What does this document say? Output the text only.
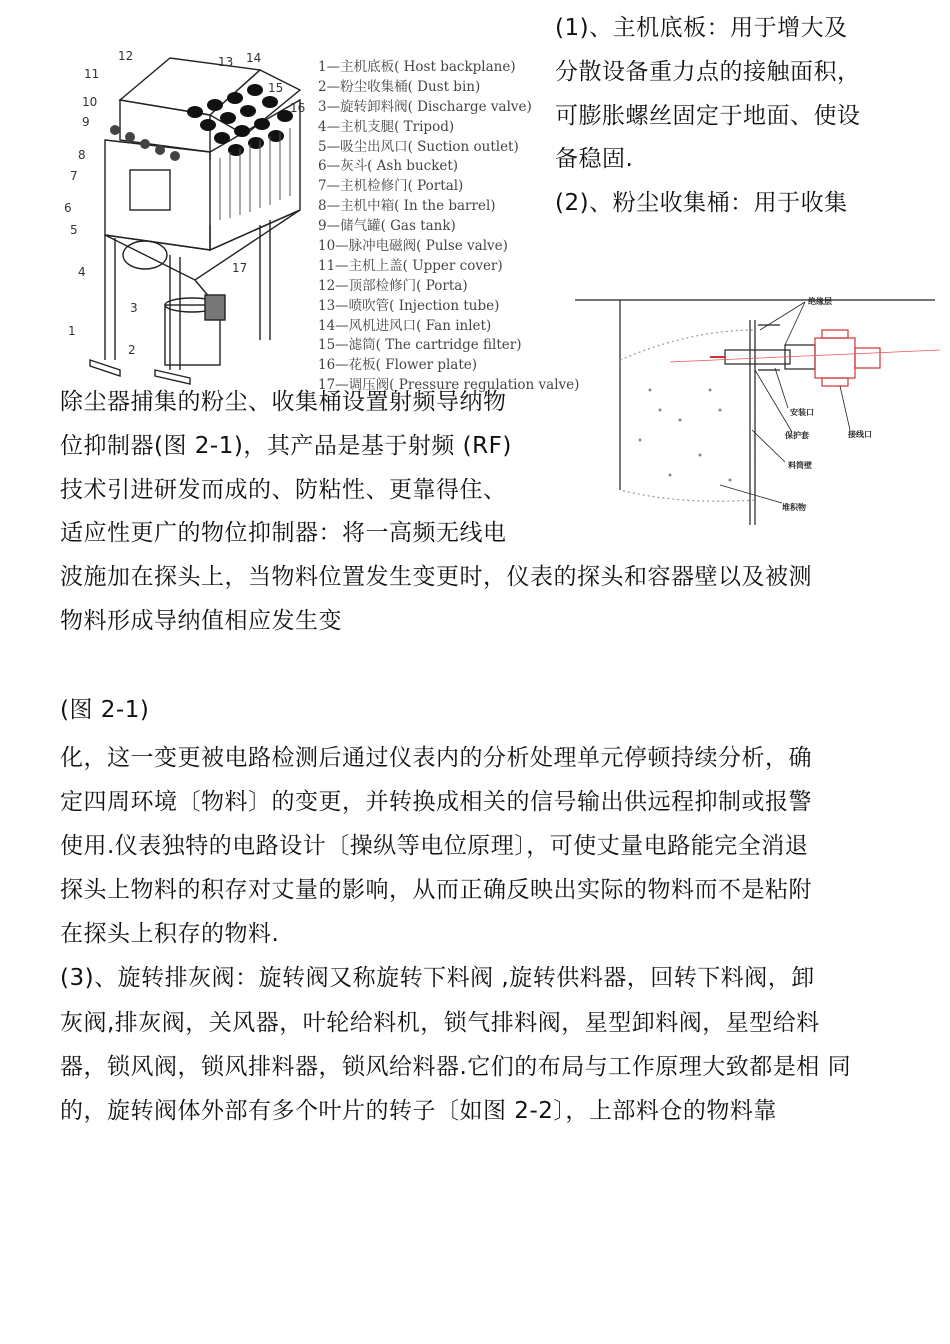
(1)、主机底板：用于增大及
分散设备重力点的接触面积，
可膨胀螺丝固定于地面、使设
备稳固.
(2)、粉尘收集桶：用于收集
1
2
3
4
5
6
7
8
9
10
11
12	13 14
15
16
17
1—主机底板( Host backplane)
2—粉尘收集桶( Dust bin)
3—旋转卸料阀( Discharge valve)
4—主机支腿( Tripod)
5—吸尘出风口( Suction outlet)
6—灰斗( Ash bucket)
7—主机检修门( Portal)
8—主机中箱( In the barrel)
9—储气罐( Gas tank)
10—脉冲电磁阀( Pulse valve)
11—主机上盖( Upper cover)
12—顶部检修门( Porta)
13—喷吹管( Injection tube)
14—风机进风口( Fan inlet)
15—滤筒( The cartridge filter)
16—花板( Flower plate)
17—调压阀( Pressure regulation valve)
绝缘层
安装口
保护套	接线口
料筒壁
堆积物
除尘器捕集的粉尘、收集桶设置射频导纳物
位抑制器(图 2-1)，其产品是基于射频 (RF)
技术引进研发而成的、防粘性、更靠得住、
适应性更广的物位抑制器：将一高频无线电
波施加在探头上，当物料位置发生变更时，仪表的探头和容器壁以及被测
物料形成导纳值相应发生变
(图 2-1)
化，这一变更被电路检测后通过仪表内的分析处理单元停顿持续分析，确
定四周环境〔物料〕的变更，并转换成相关的信号输出供远程抑制或报警
使用.仪表独特的电路设计〔操纵等电位原理〕，可使丈量电路能完全消退
探头上物料的积存对丈量的影响，从而正确反映出实际的物料而不是粘附
在探头上积存的物料.
(3)、旋转排灰阀：旋转阀又称旋转下料阀 ,旋转供料器，回转下料阀，卸
灰阀,排灰阀，关风器，叶轮给料机，锁气排料阀，星型卸料阀，星型给料
器，锁风阀，锁风排料器，锁风给料器.它们的布局与工作原理大致都是相 同
的，旋转阀体外部有多个叶片的转子〔如图 2-2〕，上部料仓的物料靠
